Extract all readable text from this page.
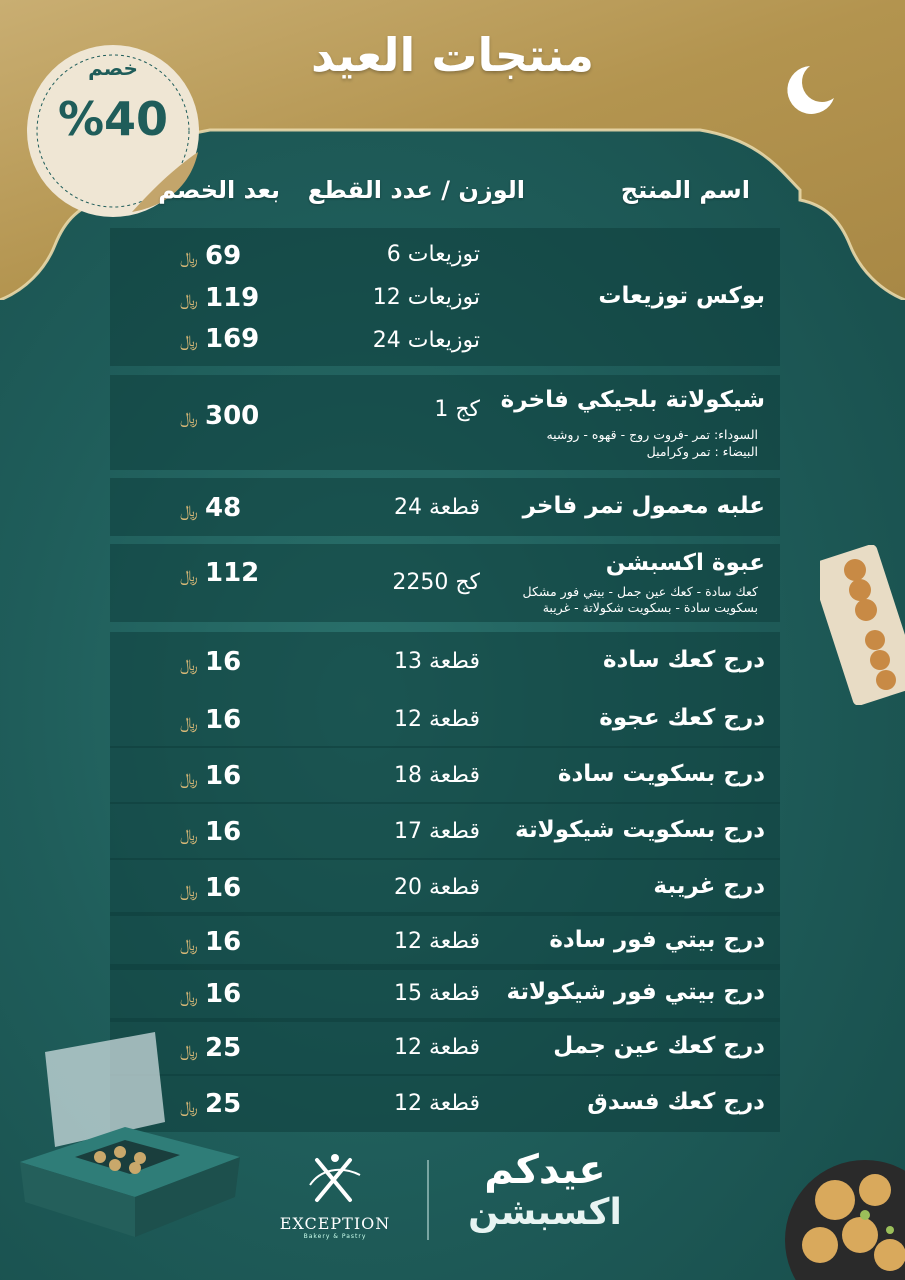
منتجات العيد
خصم
%40
اسم المنتج
الوزن / عدد القطع
بعد الخصم
بوكس توزيعات
6 توزيعات
12 توزيعات
24 توزيعات
﷼ 69
﷼ 119
﷼ 169
شيكولاتة بلجيكي فاخرة
1 كج
﷼ 300
السوداء: تمر -فروت روج - قهوه - روشيه
البيضاء : تمر وكراميل
علبه معمول تمر فاخر
24 قطعة
﷼ 48
عبوة اكسبشن
2250 كج
﷼ 112
كعك سادة - كعك عين جمل - بيتي فور مشكل
بسكويت سادة - بسكويت شكولاتة - غريبة
درج كعك سادة
13 قطعة
﷼ 16
درج كعك عجوة
12 قطعة
﷼ 16
درج بسكويت سادة
18 قطعة
﷼ 16
درج بسكويت شيكولاتة
17 قطعة
﷼ 16
درج غريبة
20 قطعة
﷼ 16
درج بيتي فور سادة
12 قطعة
﷼ 16
درج بيتي فور شيكولاتة
15 قطعة
﷼ 16
درج كعك عين جمل
12 قطعة
﷼ 25
درج كعك فسدق
12 قطعة
﷼ 25
EXCEPTION
Bakery & Pastry
عيدكم
اكسبشن
